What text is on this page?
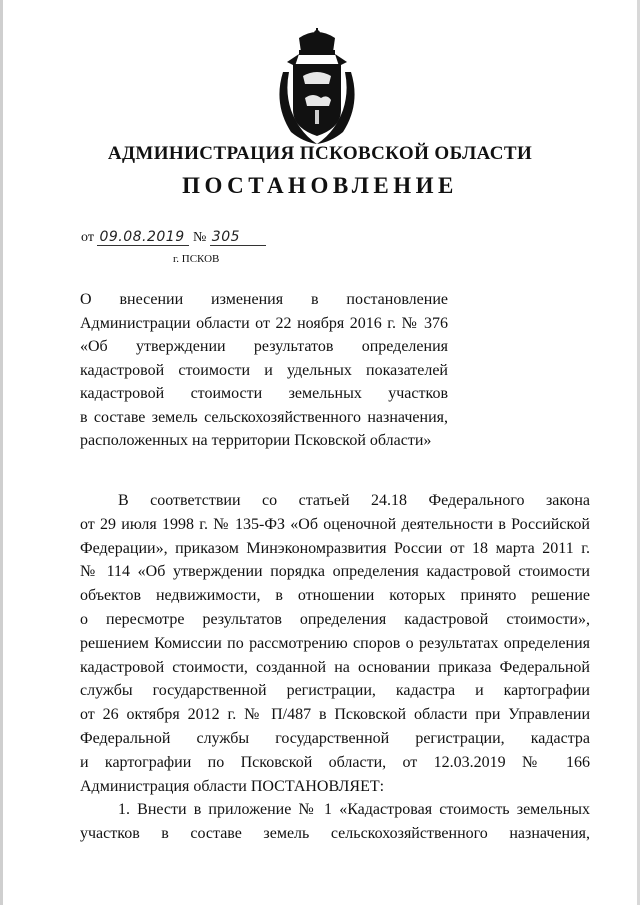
АДМИНИСТРАЦИЯ ПСКОВСКОЙ ОБЛАСТИ
ПОСТАНОВЛЕНИЕ
от 09.08.2019 № 305
г. ПСКОВ
О внесении изменения в постановление
Администрации области от 22 ноября 2016 г. № 376
«Об утверждении результатов определения
кадастровой стоимости и удельных показателей
кадастровой стоимости земельных участков
в составе земель сельскохозяйственного назначения,
расположенных на территории Псковской области»
В соответствии со статьей 24.18 Федерального закона
от 29 июля 1998 г. № 135-ФЗ «Об оценочной деятельности в Российской
Федерации», приказом Минэкономразвития России от 18 марта 2011 г.
№ 114 «Об утверждении порядка определения кадастровой стоимости
объектов недвижимости, в отношении которых принято решение
о пересмотре результатов определения кадастровой стоимости»,
решением Комиссии по рассмотрению споров о результатах определения
кадастровой стоимости, созданной на основании приказа Федеральной
службы государственной регистрации, кадастра и картографии
от 26 октября 2012 г. № П/487 в Псковской области при Управлении
Федеральной службы государственной регистрации, кадастра
и картографии по Псковской области, от 12.03.2019 № 166
Администрация области ПОСТАНОВЛЯЕТ:
1. Внести в приложение № 1 «Кадастровая стоимость земельных
участков в составе земель сельскохозяйственного назначения,
